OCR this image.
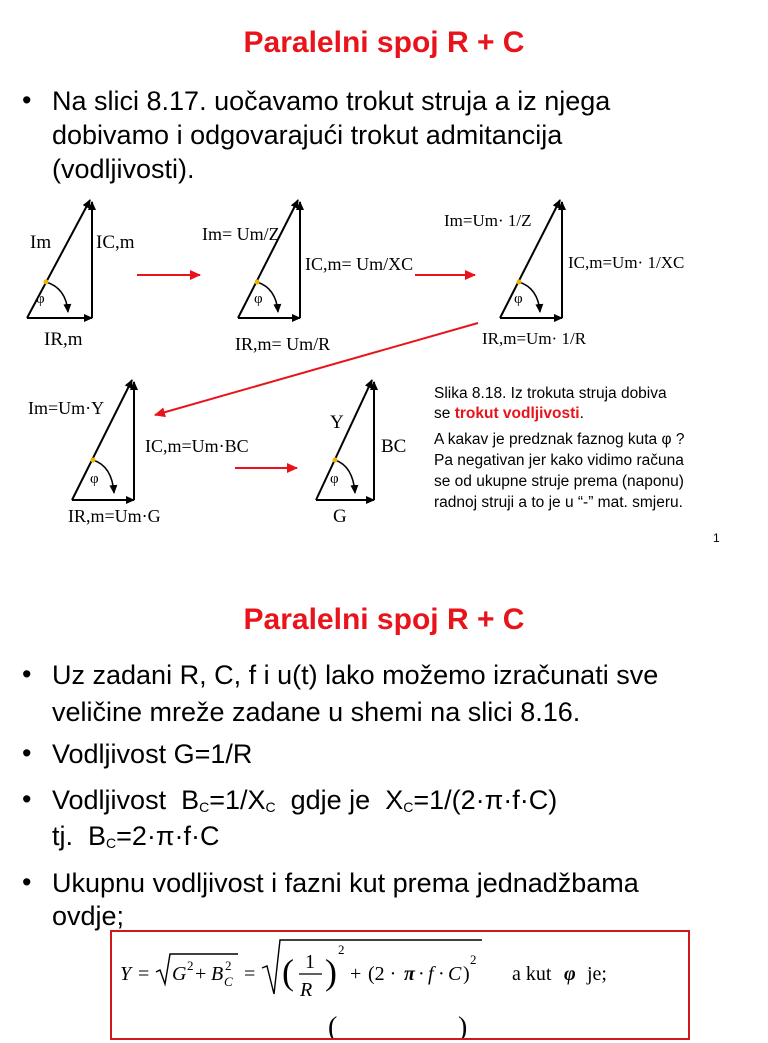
Paralelni spoj R + C
• Na slici 8.17. uočavamo trokut struja a iz njega
dobivamo i odgovarajući trokut admitancija
(vodljivosti).
φ
Im IC,m
IR,m
φ
Im= Um/Z
IC,m= Um/XC
IR,m= Um/R
φ
Im=Um· 1/Z
IC,m=Um· 1/XC
IR,m=Um· 1/R
φ
Im=Um·Y
IC,m=Um·BC
IR,m=Um·G
φ
Y
BC
G
Slika 8.18. Iz trokuta struja dobiva
se trokut vodljivosti.
A kakav je predznak faznog kuta φ ?
Pa negativan jer kako vidimo računa
se od ukupne struje prema (naponu)
radnoj struji a to je u “-” mat. smjeru.
1
Paralelni spoj R + C
• Uz zadani R, C, f i u(t) lako možemo izračunati sve
veličine mreže zadane u shemi na slici 8.16.
• Vodljivost G=1/R
• Vodljivost  $B_C=1/X_C$  gdje je  $X_C=1/(2\cdot\pi\cdot f\cdot C)$
tj.  $B_C=2\cdot\pi\cdot f\cdot C$
• Ukupnu vodljivost i fazni kut prema jednadžbama
ovdje;
Y = G 2 + B 2
C = ( 1
R )
2
+ (2 · π · f · C )
2
a kut φ je;
(	)
